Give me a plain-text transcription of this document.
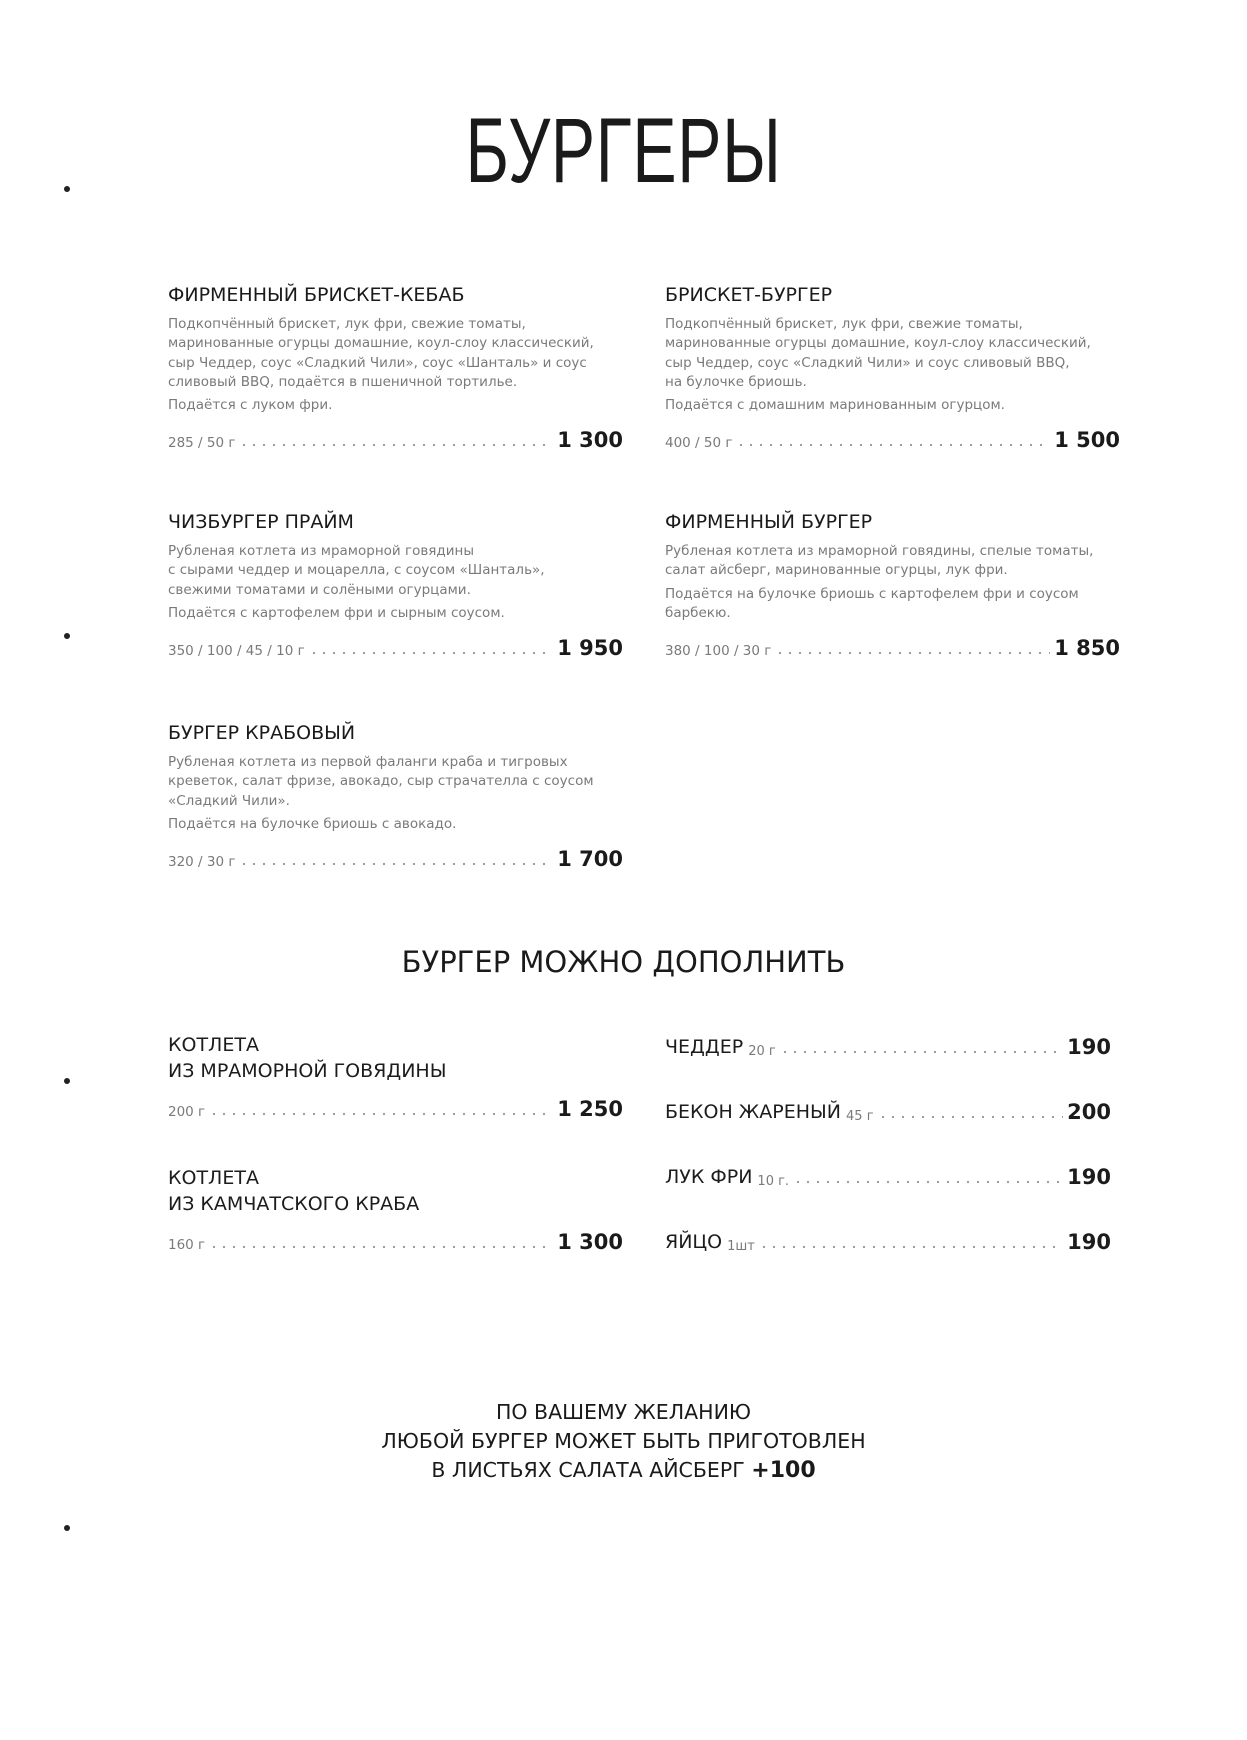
БУРГЕРЫ
ФИРМЕННЫЙ БРИСКЕТ-КЕБАБ
Подкопчённый брискет, лук фри, свежие томаты,
маринованные огурцы домашние, коул-слоу классический,
сыр Чеддер, соус «Сладкий Чили», соус «Шанталь» и соус
сливовый BBQ, подаётся в пшеничной тортилье.
Подаётся с луком фри.
285 / 50 г	1 300
БРИСКЕТ-БУРГЕР
Подкопчённый брискет, лук фри, свежие томаты,
маринованные огурцы домашние, коул-слоу классический,
сыр Чеддер, соус «Сладкий Чили» и соус сливовый BBQ,
на булочке бриошь.
Подаётся с домашним маринованным огурцом.
400 / 50 г	1 500
ЧИЗБУРГЕР ПРАЙМ
Рубленая котлета из мраморной говядины
с сырами чеддер и моцарелла, с соусом «Шанталь»,
свежими томатами и солёными огурцами.
Подаётся с картофелем фри и сырным соусом.
350 / 100 / 45 / 10 г	1 950
ФИРМЕННЫЙ БУРГЕР
Рубленая котлета из мраморной говядины, спелые томаты,
салат айсберг, маринованные огурцы, лук фри.
Подаётся на булочке бриошь с картофелем фри и соусом барбекю.
380 / 100 / 30 г	1 850
БУРГЕР КРАБОВЫЙ
Рубленая котлета из первой фаланги краба и тигровых
креветок, салат фризе, авокадо, сыр страчателла с соусом
«Сладкий Чили».
Подаётся на булочке бриошь с авокадо.
320 / 30 г	1 700
БУРГЕР МОЖНО ДОПОЛНИТЬ
КОТЛЕТА
ИЗ МРАМОРНОЙ ГОВЯДИНЫ
200 г	1 250
КОТЛЕТА
ИЗ КАМЧАТСКОГО КРАБА
160 г	1 300
ЧЕДДЕР 20 г	190
БЕКОН ЖАРЕНЫЙ 45 г	200
ЛУК ФРИ 10 г.	190
ЯЙЦО 1шт	190
ПО ВАШЕМУ ЖЕЛАНИЮ
ЛЮБОЙ БУРГЕР МОЖЕТ БЫТЬ ПРИГОТОВЛЕН
В ЛИСТЬЯХ САЛАТА АЙСБЕРГ +100
